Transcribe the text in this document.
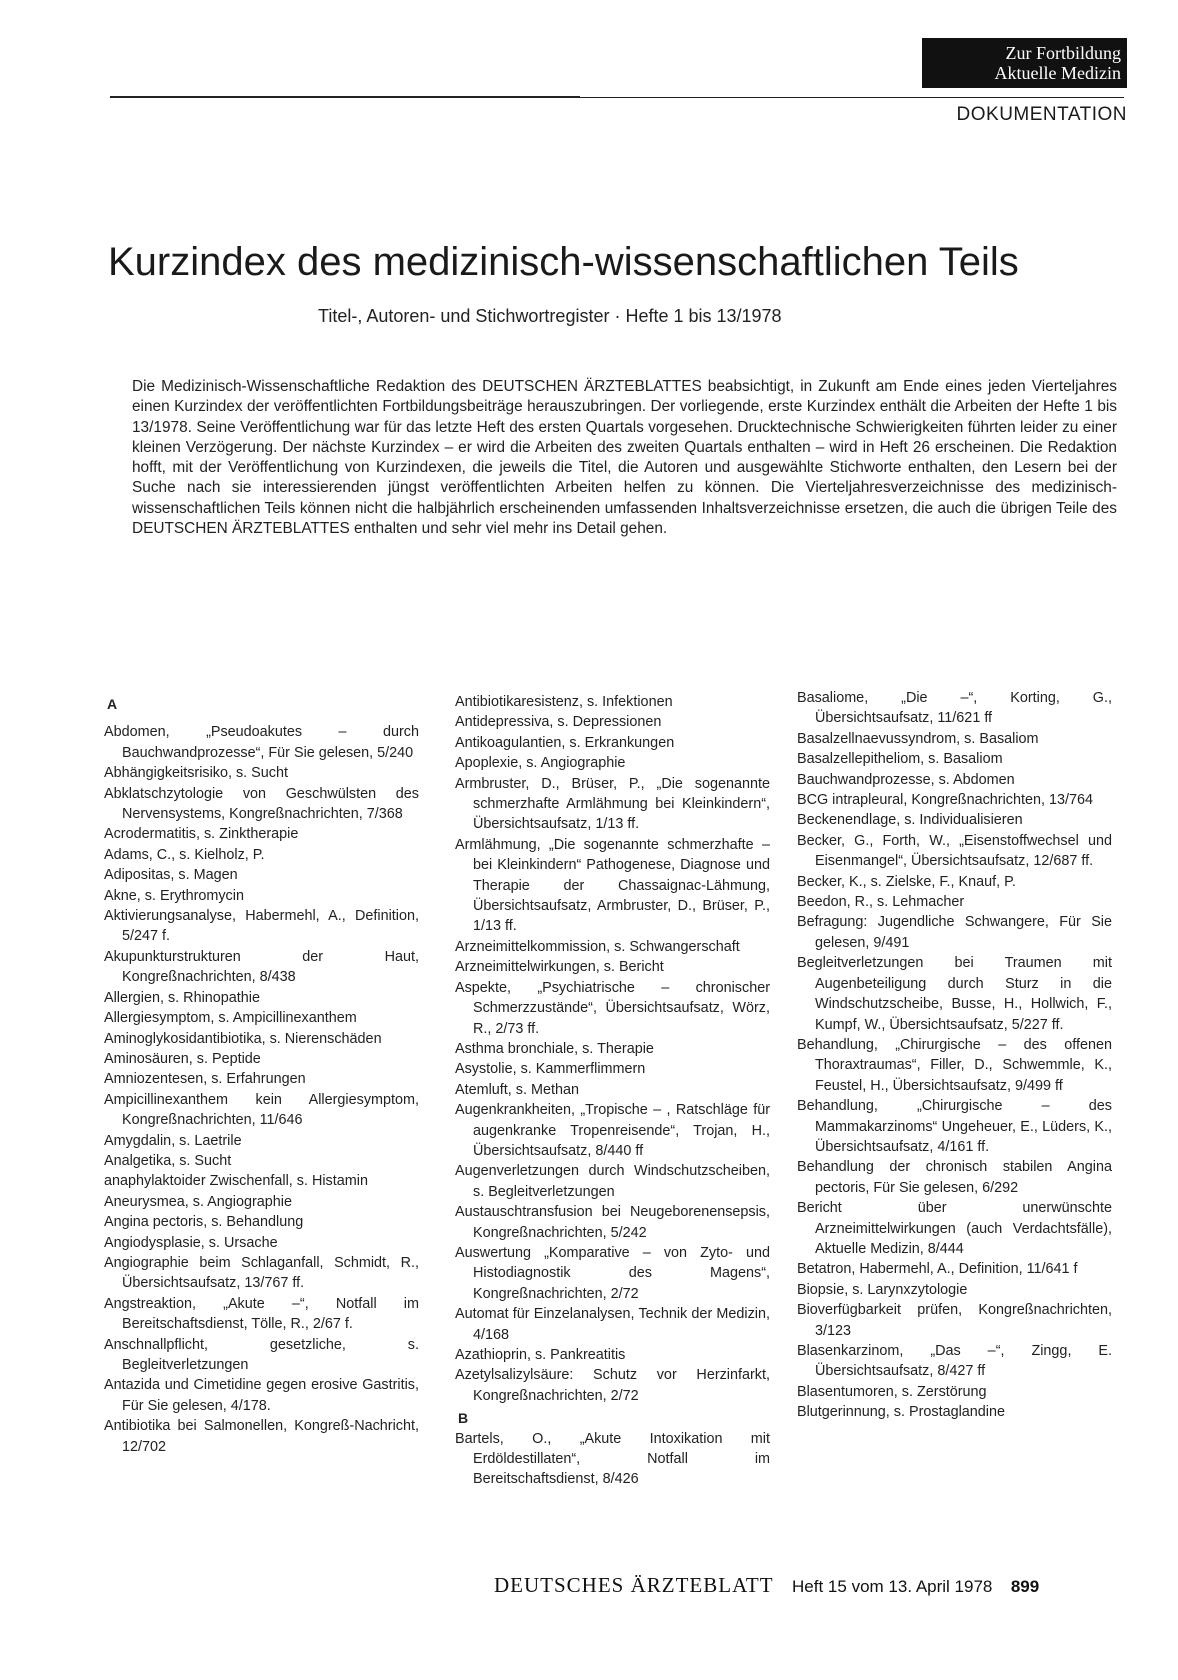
Zur Fortbildung
Aktuelle Medizin
DOKUMENTATION
Kurzindex des medizinisch-wissenschaftlichen Teils
Titel-, Autoren- und Stichwortregister · Hefte 1 bis 13/1978
Die Medizinisch-Wissenschaftliche Redaktion des DEUTSCHEN ÄRZTEBLATTES beabsichtigt, in Zukunft am Ende eines jeden Vierteljahres einen Kurzindex der veröffentlichten Fortbildungsbeiträge herauszubringen. Der vorliegende, erste Kurzindex enthält die Arbeiten der Hefte 1 bis 13/1978. Seine Veröffentlichung war für das letzte Heft des ersten Quartals vorgesehen. Drucktechnische Schwierigkeiten führten leider zu einer kleinen Verzögerung. Der nächste Kurzindex – er wird die Arbeiten des zweiten Quartals enthalten – wird in Heft 26 erscheinen. Die Redaktion hofft, mit der Veröffentlichung von Kurzindexen, die jeweils die Titel, die Autoren und ausgewählte Stichworte enthalten, den Lesern bei der Suche nach sie interessierenden jüngst veröffentlichten Arbeiten helfen zu können. Die Vierteljahresverzeichnisse des medizinisch-wissenschaftlichen Teils können nicht die halbjährlich erscheinenden umfassenden Inhaltsverzeichnisse ersetzen, die auch die übrigen Teile des DEUTSCHEN ÄRZTEBLATTES enthalten und sehr viel mehr ins Detail gehen.
A
Abdomen, „Pseudoakutes – durch Bauchwandprozesse“, Für Sie gelesen, 5/240
Abhängigkeitsrisiko, s. Sucht
Abklatschzytologie von Geschwülsten des Nervensystems, Kongreßnachrichten, 7/368
Acrodermatitis, s. Zinktherapie
Adams, C., s. Kielholz, P.
Adipositas, s. Magen
Akne, s. Erythromycin
Aktivierungsanalyse, Habermehl, A., Definition, 5/247 f.
Akupunkturstrukturen der Haut, Kongreßnachrichten, 8/438
Allergien, s. Rhinopathie
Allergiesymptom, s. Ampicillinexanthem
Aminoglykosidantibiotika, s. Nierenschäden
Aminosäuren, s. Peptide
Amniozentesen, s. Erfahrungen
Ampicillinexanthem kein Allergiesymptom, Kongreßnachrichten, 11/646
Amygdalin, s. Laetrile
Analgetika, s. Sucht
anaphylaktoider Zwischenfall, s. Histamin
Aneurysmea, s. Angiographie
Angina pectoris, s. Behandlung
Angiodysplasie, s. Ursache
Angiographie beim Schlaganfall, Schmidt, R., Übersichtsaufsatz, 13/767 ff.
Angstreaktion, „Akute –“, Notfall im Bereitschaftsdienst, Tölle, R., 2/67 f.
Anschnallpflicht, gesetzliche, s. Begleitverletzungen
Antazida und Cimetidine gegen erosive Gastritis, Für Sie gelesen, 4/178.
Antibiotika bei Salmonellen, Kongreß-Nachricht, 12/702
Antibiotikaresistenz, s. Infektionen
Antidepressiva, s. Depressionen
Antikoagulantien, s. Erkrankungen
Apoplexie, s. Angiographie
Armbruster, D., Brüser, P., „Die sogenannte schmerzhafte Armlähmung bei Kleinkindern“, Übersichtsaufsatz, 1/13 ff.
Armlähmung, „Die sogenannte schmerzhafte – bei Kleinkindern“ Pathogenese, Diagnose und Therapie der Chassaignac-Lähmung, Übersichtsaufsatz, Armbruster, D., Brüser, P., 1/13 ff.
Arzneimittelkommission, s. Schwangerschaft
Arzneimittelwirkungen, s. Bericht
Aspekte, „Psychiatrische – chronischer Schmerzzustände“, Übersichtsaufsatz, Wörz, R., 2/73 ff.
Asthma bronchiale, s. Therapie
Asystolie, s. Kammerflimmern
Atemluft, s. Methan
Augenkrankheiten, „Tropische – , Ratschläge für augenkranke Tropenreisende“, Trojan, H., Übersichtsaufsatz, 8/440 ff
Augenverletzungen durch Windschutzscheiben, s. Begleitverletzungen
Austauschtransfusion bei Neugeborenensepsis, Kongreßnachrichten, 5/242
Auswertung „Komparative – von Zyto- und Histodiagnostik des Magens“, Kongreßnachrichten, 2/72
Automat für Einzelanalysen, Technik der Medizin, 4/168
Azathioprin, s. Pankreatitis
Azetylsalizylsäure: Schutz vor Herzinfarkt, Kongreßnachrichten, 2/72
B
Bartels, O., „Akute Intoxikation mit Erdöldestillaten“, Notfall im Bereitschaftsdienst, 8/426
Basaliome, „Die –“, Korting, G., Übersichtsaufsatz, 11/621 ff
Basalzellnaevussyndrom, s. Basaliom
Basalzellepitheliom, s. Basaliom
Bauchwandprozesse, s. Abdomen
BCG intrapleural, Kongreßnachrichten, 13/764
Beckenendlage, s. Individualisieren
Becker, G., Forth, W., „Eisenstoffwechsel und Eisenmangel“, Übersichtsaufsatz, 12/687 ff.
Becker, K., s. Zielske, F., Knauf, P.
Beedon, R., s. Lehmacher
Befragung: Jugendliche Schwangere, Für Sie gelesen, 9/491
Begleitverletzungen bei Traumen mit Augenbeteiligung durch Sturz in die Windschutzscheibe, Busse, H., Hollwich, F., Kumpf, W., Übersichtsaufsatz, 5/227 ff.
Behandlung, „Chirurgische – des offenen Thoraxtraumas“, Filler, D., Schwemmle, K., Feustel, H., Übersichtsaufsatz, 9/499 ff
Behandlung, „Chirurgische – des Mammakarzinoms“ Ungeheuer, E., Lüders, K., Übersichtsaufsatz, 4/161 ff.
Behandlung der chronisch stabilen Angina pectoris, Für Sie gelesen, 6/292
Bericht über unerwünschte Arzneimittelwirkungen (auch Verdachtsfälle), Aktuelle Medizin, 8/444
Betatron, Habermehl, A., Definition, 11/641 f
Biopsie, s. Larynxzytologie
Bioverfügbarkeit prüfen, Kongreßnachrichten, 3/123
Blasenkarzinom, „Das –“, Zingg, E. Übersichtsaufsatz, 8/427 ff
Blasentumoren, s. Zerstörung
Blutgerinnung, s. Prostaglandine
DEUTSCHES ÄRZTEBLATT Heft 15 vom 13. April 1978 899
